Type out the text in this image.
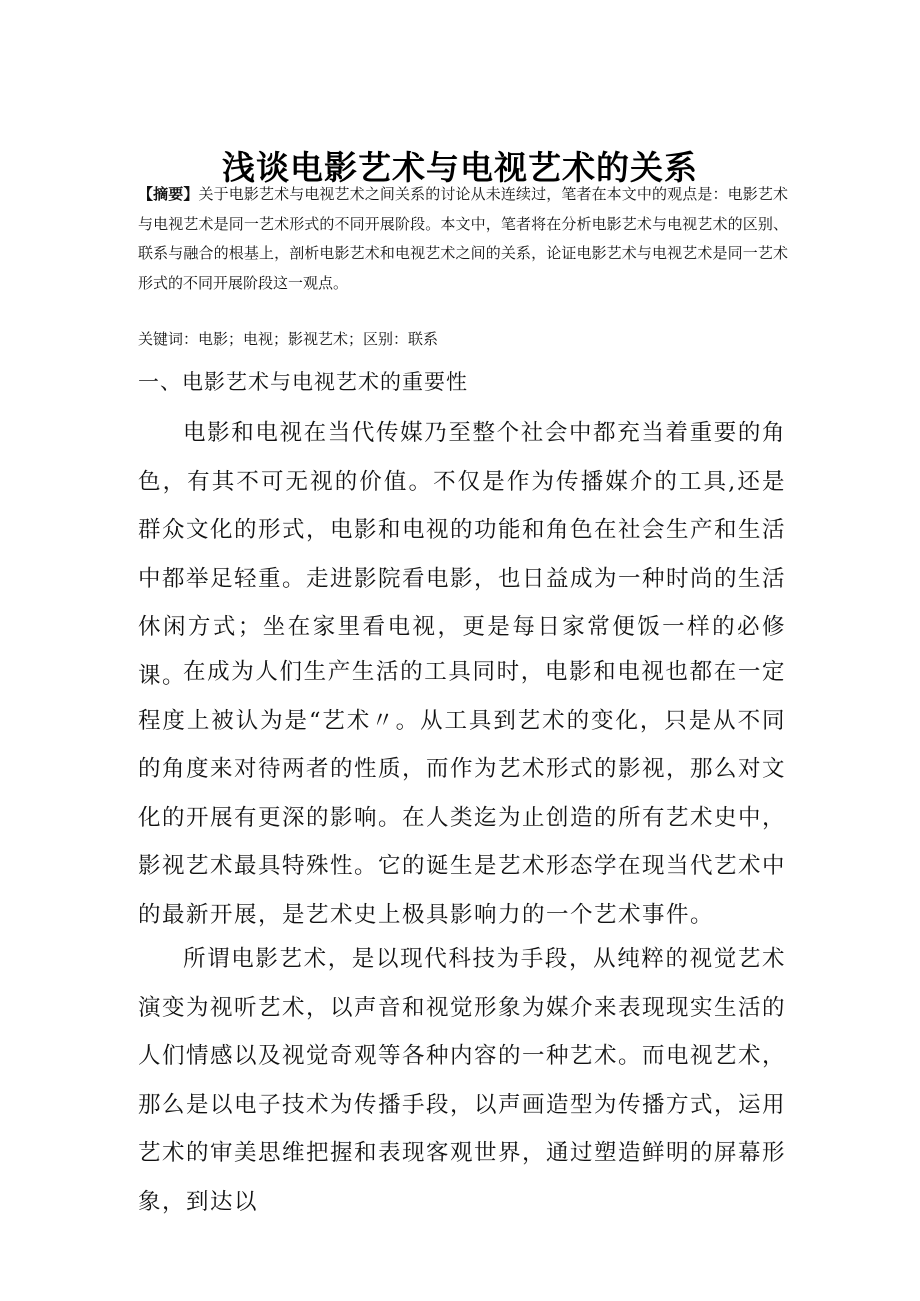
浅谈电影艺术与电视艺术的关系

【摘要】关于电影艺术与电视艺术之间关系的讨论从未连续过，笔者在本文中的观点是：电影艺术与电视艺术是同一艺术形式的不同开展阶段。本文中，笔者将在分析电影艺术与电视艺术的区别、联系与融合的根基上，剖析电影艺术和电视艺术之间的关系，论证电影艺术与电视艺术是同一艺术形式的不同开展阶段这一观点。

关键词：电影；电视；影视艺术；区别：联系

一、电影艺术与电视艺术的重要性

电影和电视在当代传媒乃至整个社会中都充当着重要的角色，有其不可无视的价值。不仅是作为传播媒介的工具,还是群众文化的形式，电影和电视的功能和角色在社会生产和生活中都举足轻重。走进影院看电影，也日益成为一种时尚的生活休闲方式；坐在家里看电视，更是每日家常便饭一样的必修课。

在成为人们生产生活的工具同时，电影和电视也都在一定程度上被认为是“艺术〃。从工具到艺术的变化，只是从不同的角度来对待两者的性质，而作为艺术形式的影视，那么对文化的开展有更深的影响。在人类迄为止创造的所有艺术史中，影视艺术最具特殊性。它的诞生是艺术形态学在现当代艺术中的最新开展，是艺术史上极具影响力的一个艺术事件。

所谓电影艺术，是以现代科技为手段，从纯粹的视觉艺术演变为视听艺术，以声音和视觉形象为媒介来表现现实生活的人们情感以及视觉奇观等各种内容的一种艺术。而电视艺术，那么是以电子技术为传播手段，以声画造型为传播方式，运用艺术的审美思维把握和表现客观世界，通过塑造鲜明的屏幕形象，到达以
